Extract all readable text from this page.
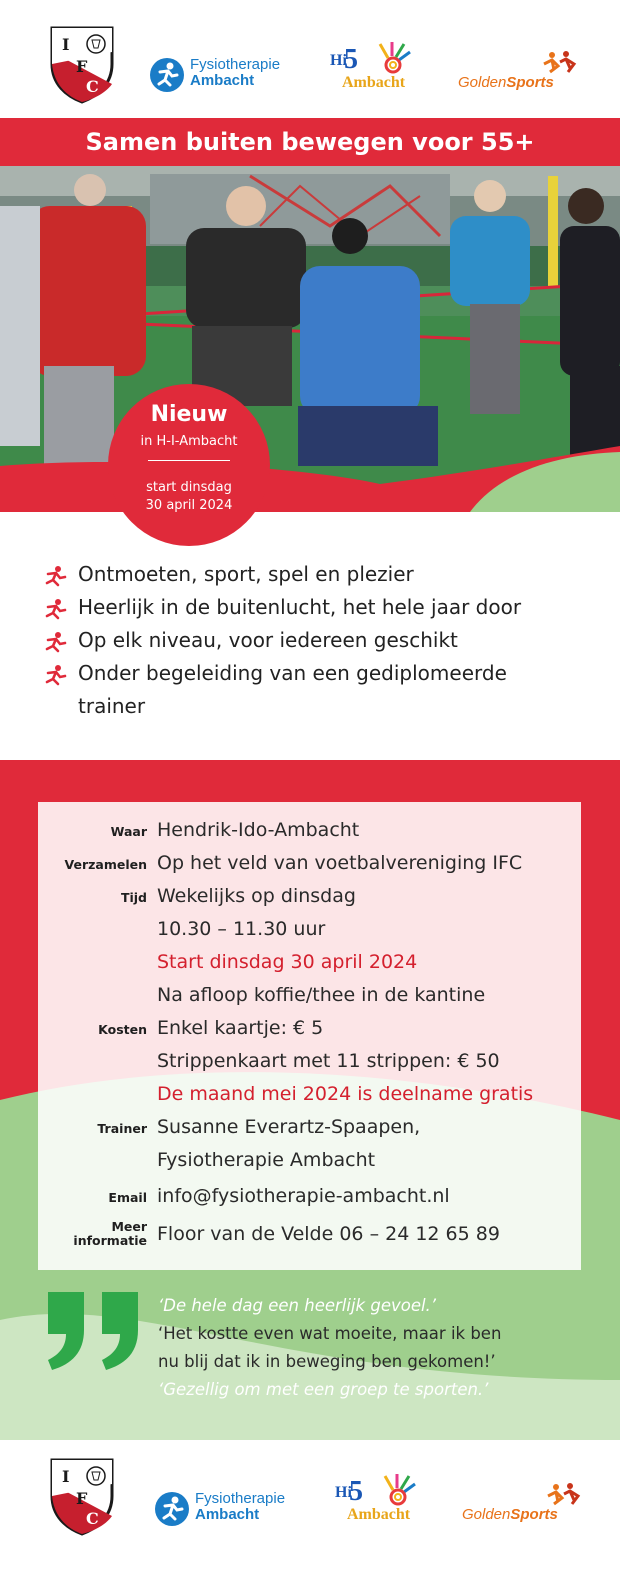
I
F
C
Fysiotherapie
Ambacht
Hi
5
Ambacht	GoldenSports
Samen buiten bewegen voor 55+
Nieuw
in H-I-Ambacht
start dinsdag
30 april 2024
Ontmoeten, sport, spel en plezier
Heerlijk in de buitenlucht, het hele jaar door
Op elk niveau, voor iedereen geschikt
Onder begeleiding van een gediplomeerde
trainer
Waar Hendrik-Ido-Ambacht
Verzamelen Op het veld van voetbalvereniging IFC
Tijd Wekelijks op dinsdag
10.30 – 11.30 uur
Start dinsdag 30 april 2024
Na afloop koffie/thee in de kantine
Kosten Enkel kaartje: € 5
Strippenkaart met 11 strippen: € 50
De maand mei 2024 is deelname gratis
Trainer Susanne Everartz-Spaapen,
Fysiotherapie Ambacht
Email info@fysiotherapie-ambacht.nl
Meer
informatie Floor van de Velde 06 – 24 12 65 89
‘De hele dag een heerlijk gevoel.’
‘Het kostte even wat moeite, maar ik ben
nu blij dat ik in beweging ben gekomen!’
‘Gezellig om met een groep te sporten.’
I
F
C
Fysiotherapie
Ambacht
Hi
5
Ambacht	GoldenSports
